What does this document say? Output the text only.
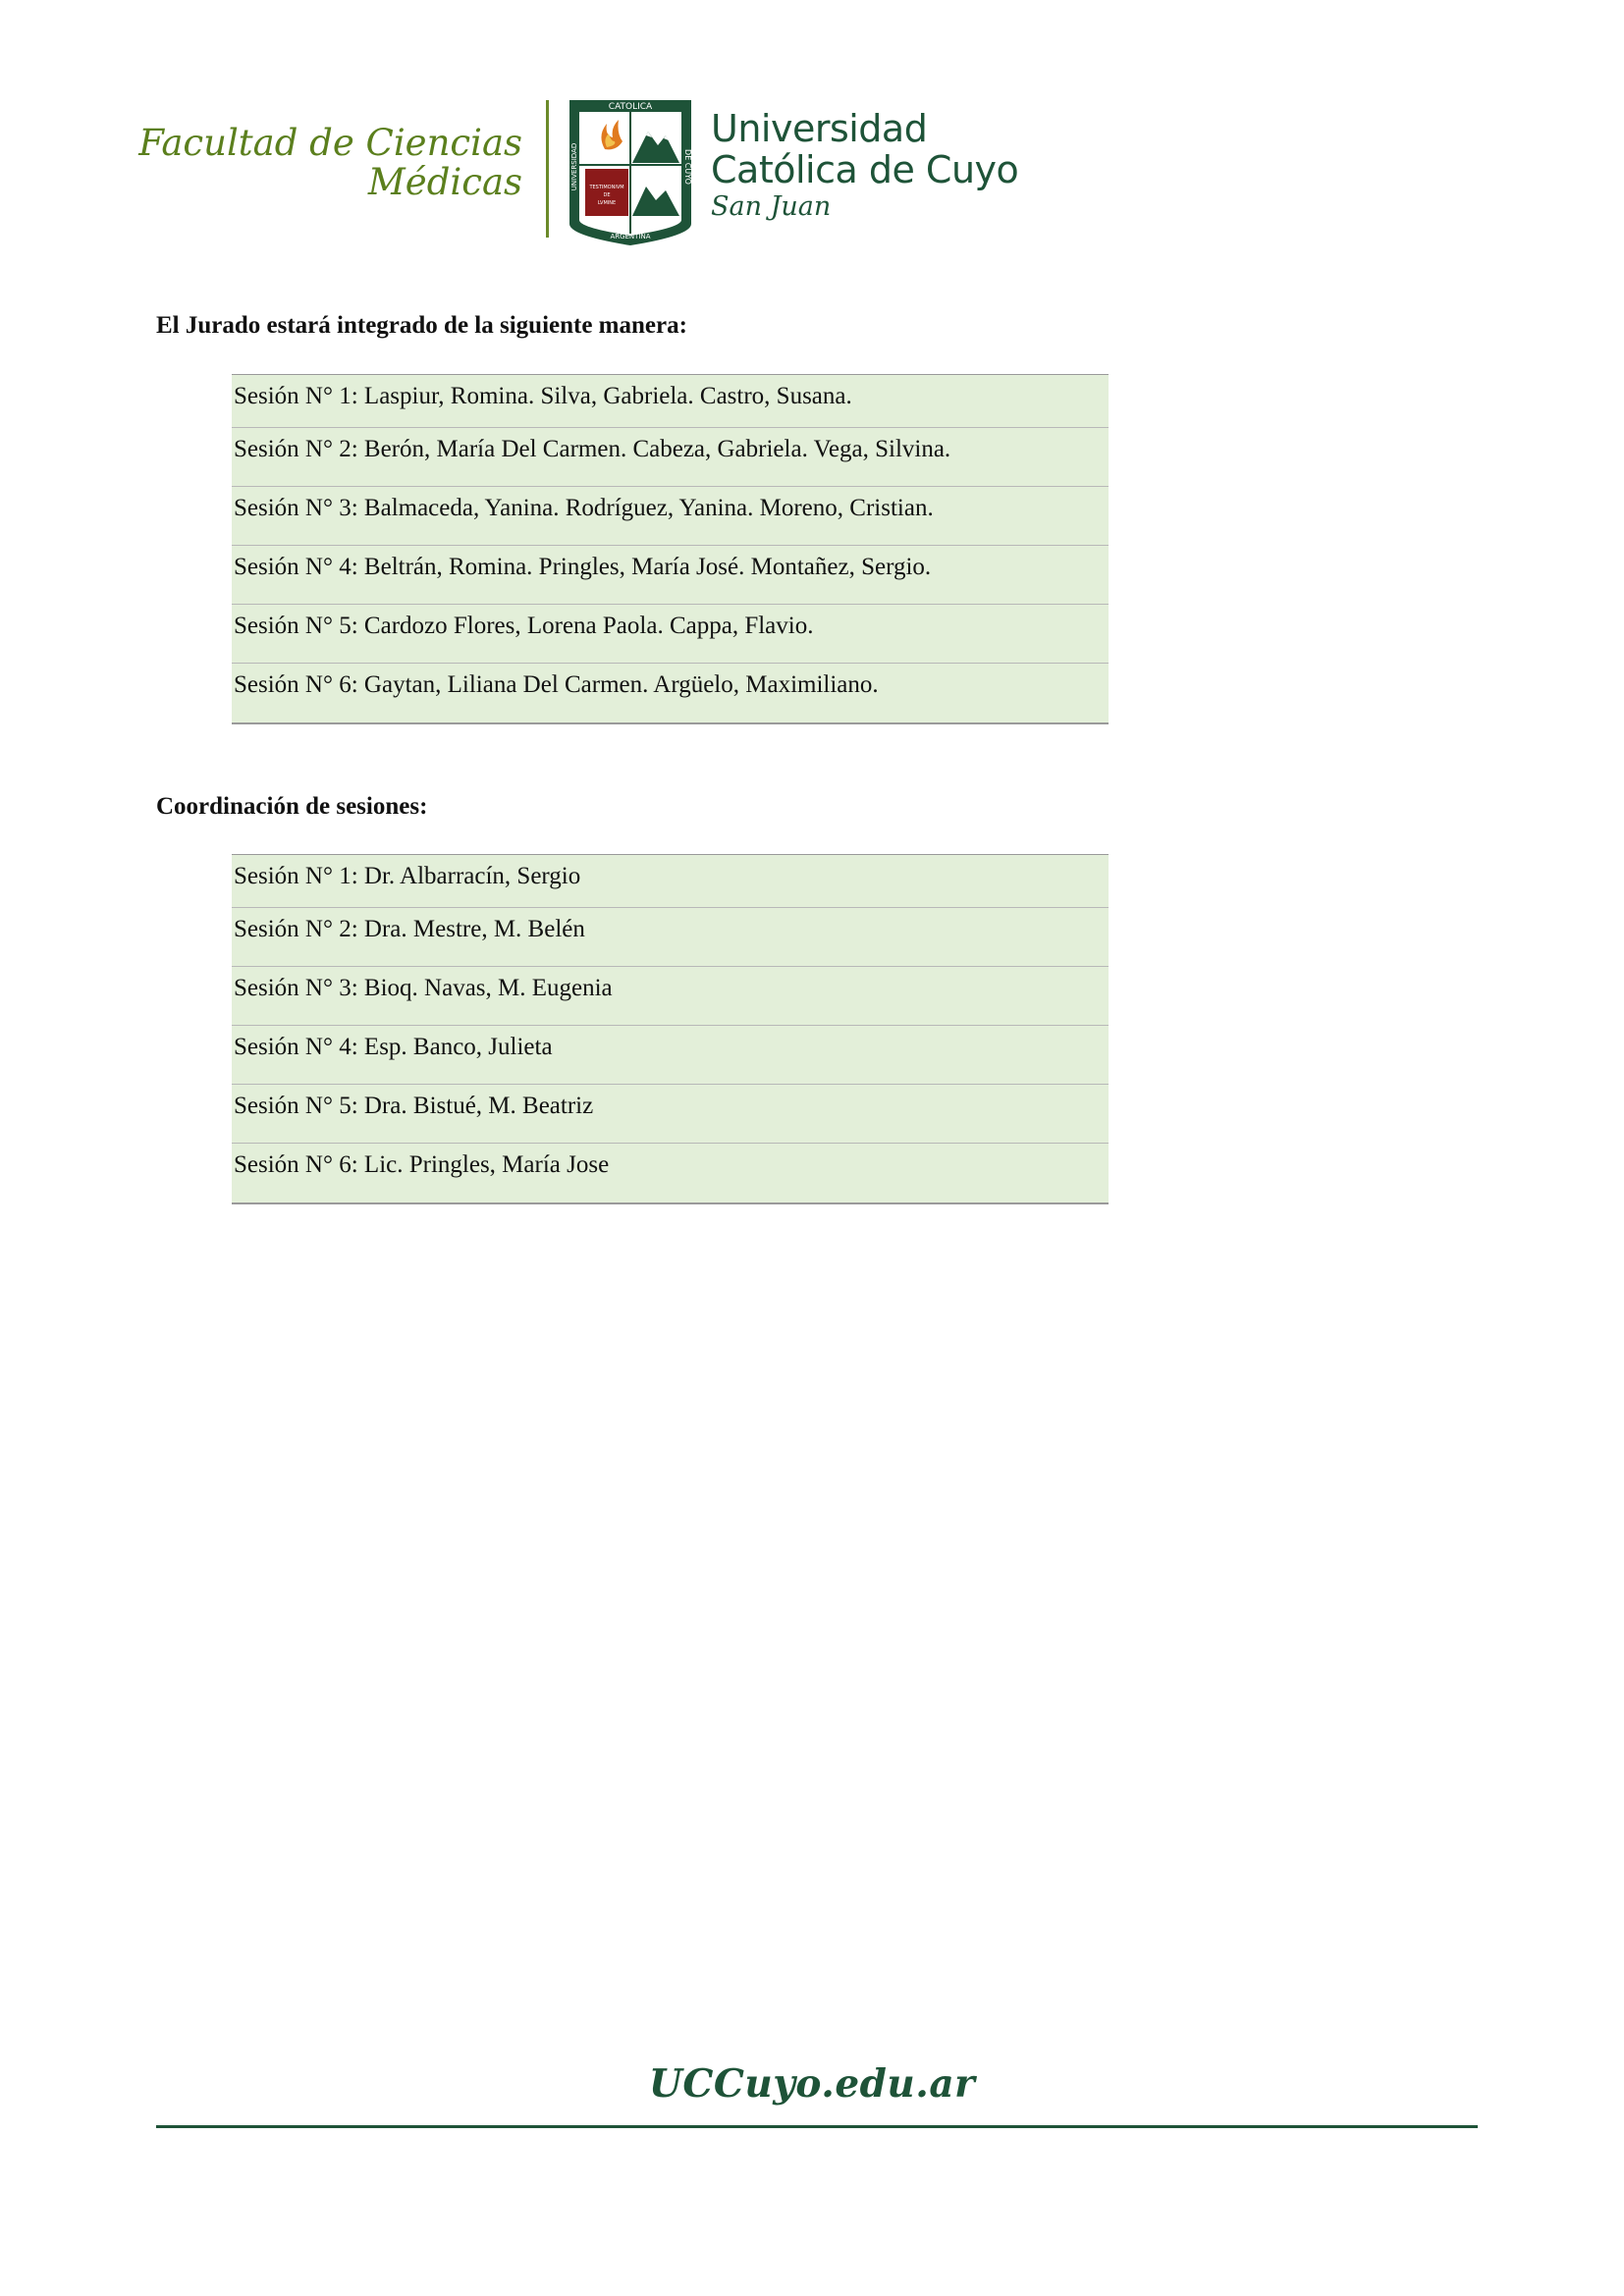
Facultad de Ciencias
Médicas
CATOLICA
ARGENTINA
UNIVERSIDAD	DE CUYO
TESTIMONIVM
DE
LVMINE
Universidad
Católica de Cuyo
San Juan
El Jurado estará integrado de la siguiente manera:
Sesión N° 1: Laspiur, Romina. Silva, Gabriela. Castro, Susana.
Sesión N° 2: Berón, María Del Carmen. Cabeza, Gabriela. Vega, Silvina.
Sesión N° 3: Balmaceda, Yanina. Rodríguez, Yanina. Moreno, Cristian.
Sesión N° 4: Beltrán, Romina. Pringles, María José. Montañez, Sergio.
Sesión N° 5: Cardozo Flores, Lorena Paola. Cappa, Flavio.
Sesión N° 6: Gaytan, Liliana Del Carmen. Argüelo, Maximiliano.
Coordinación de sesiones:
Sesión N° 1: Dr. Albarracín, Sergio
Sesión N° 2: Dra. Mestre, M. Belén
Sesión N° 3: Bioq. Navas, M. Eugenia
Sesión N° 4: Esp. Banco, Julieta
Sesión N° 5: Dra. Bistué, M. Beatriz
Sesión N° 6: Lic. Pringles, María Jose
UCCuyo.edu.ar
